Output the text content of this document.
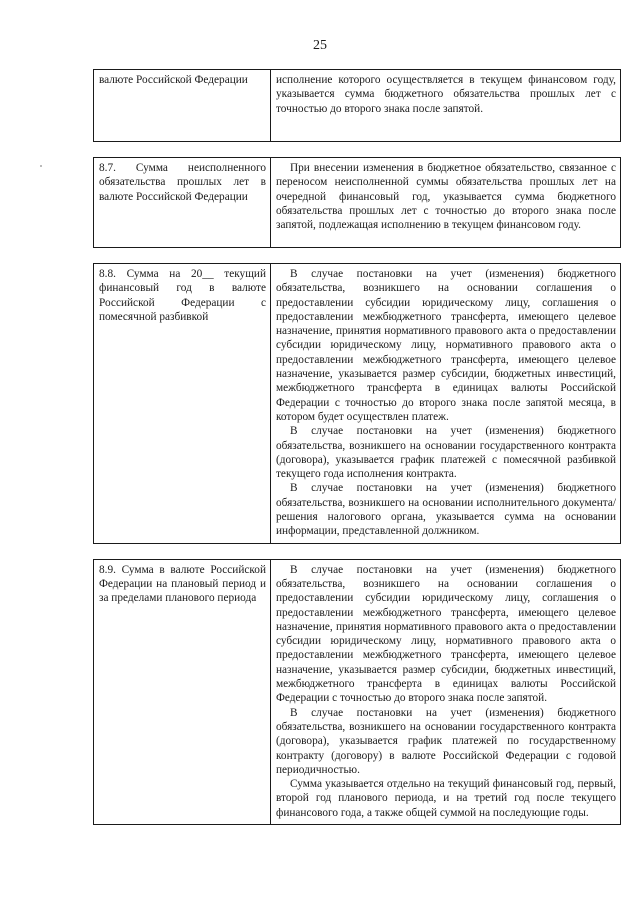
25
валюте Российской Федерации	исполнение которого осуществляется в текущем финансовом году, указывается сумма бюджетного обязательства прошлых лет с точностью до второго знака после запятой.

8.7. Сумма неисполненного обязательства прошлых лет в валюте Российской Федерации	При внесении изменения в бюджетное обязательство, связанное с переносом неисполненной суммы обязательства прошлых лет на очередной финансовый год, указывается сумма бюджетного обязательства прошлых лет с точностью до второго знака после запятой, подлежащая исполнению в текущем финансовом году.

8.8. Сумма на 20__ текущий финансовый год в валюте Российской Федерации с помесячной разбивкой	В случае постановки на учет (изменения) бюджетного обязательства, возникшего на основании соглашения о предоставлении субсидии юридическому лицу, соглашения о предоставлении межбюджетного трансферта, имеющего целевое назначение, принятия нормативного правового акта о предоставлении субсидии юридическому лицу, нормативного правового акта о предоставлении межбюджетного трансферта, имеющего целевое назначение, указывается размер субсидии, бюджетных инвестиций, межбюджетного трансферта в единицах валюты Российской Федерации с точностью до второго знака после запятой месяца, в котором будет осуществлен платеж.
В случае постановки на учет (изменения) бюджетного обязательства, возникшего на основании государственного контракта (договора), указывается график платежей с помесячной разбивкой текущего года исполнения контракта.
В случае постановки на учет (изменения) бюджетного обязательства, возникшего на основании исполнительного документа/решения налогового органа, указывается сумма на основании информации, представленной должником.

8.9. Сумма в валюте Российской Федерации на плановый период и за пределами планового периода	В случае постановки на учет (изменения) бюджетного обязательства, возникшего на основании соглашения о предоставлении субсидии юридическому лицу, соглашения о предоставлении межбюджетного трансферта, имеющего целевое назначение, принятия нормативного правового акта о предоставлении субсидии юридическому лицу, нормативного правового акта о предоставлении межбюджетного трансферта, имеющего целевое назначение, указывается размер субсидии, бюджетных инвестиций, межбюджетного трансферта в единицах валюты Российской Федерации с точностью до второго знака после запятой.
В случае постановки на учет (изменения) бюджетного обязательства, возникшего на основании государственного контракта (договора), указывается график платежей по государственному контракту (договору) в валюте Российской Федерации с годовой периодичностью.
Сумма указывается отдельно на текущий финансовый год, первый, второй год планового периода, и на третий год после текущего финансового года, а также общей суммой на последующие годы.
